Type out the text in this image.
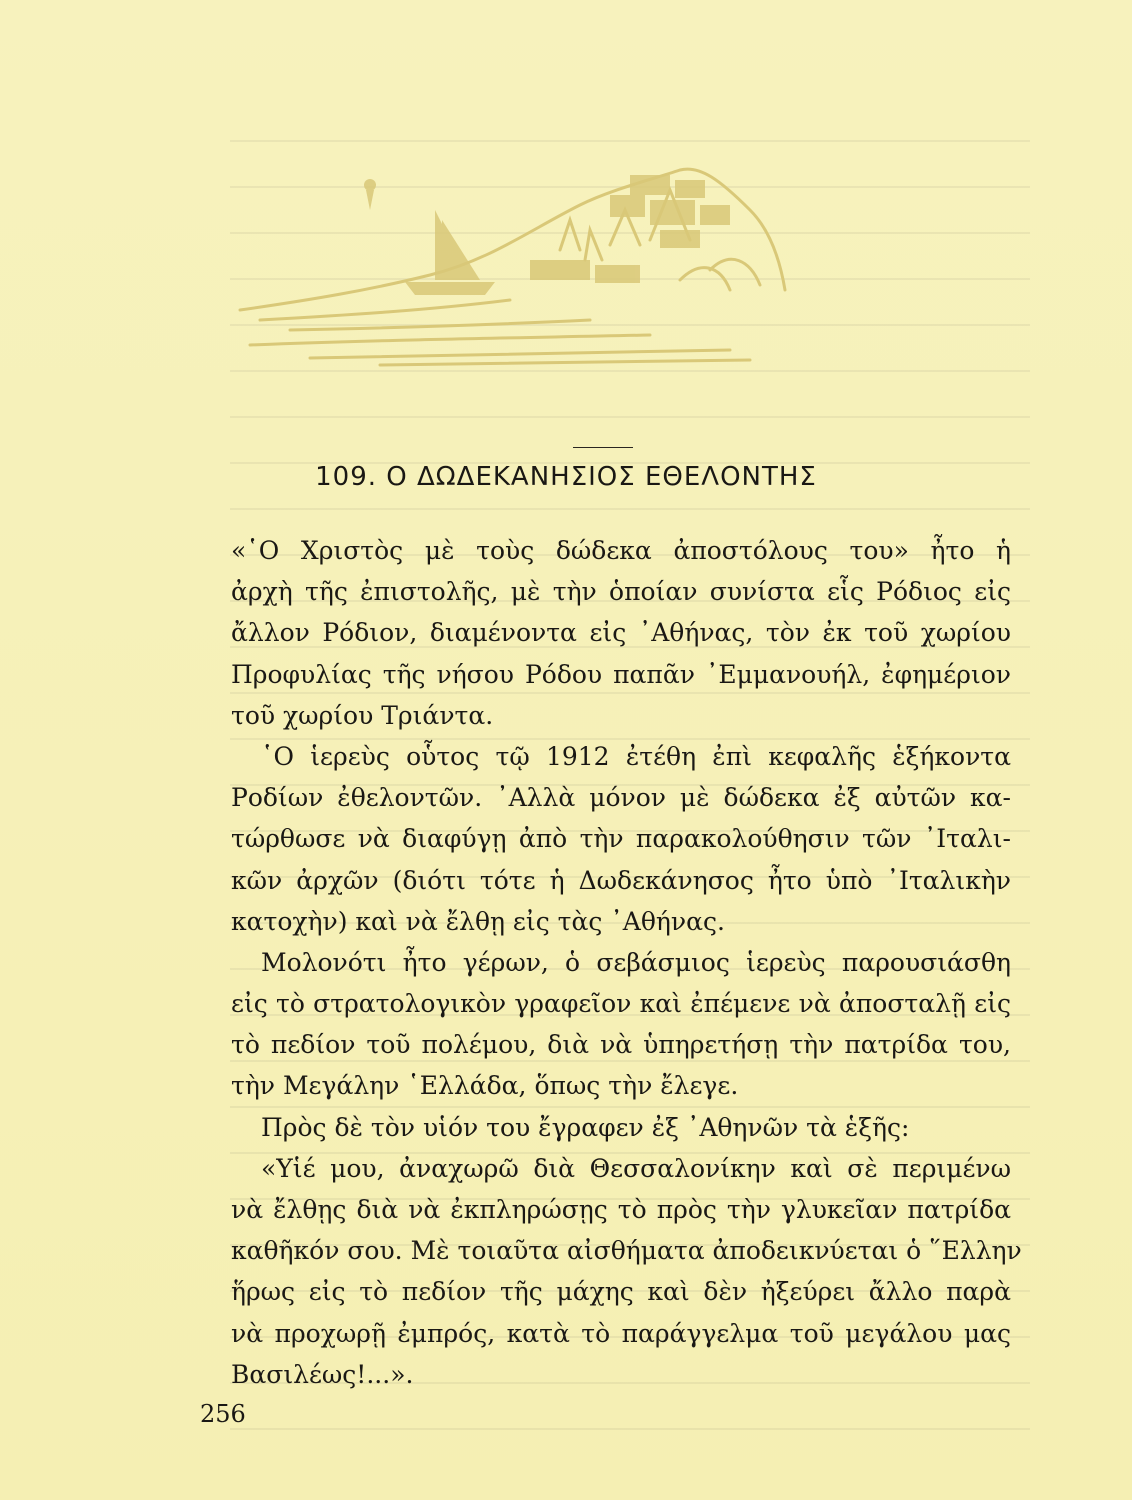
109. Ο ΔΩΔΕΚΑΝΗΣΙΟΣ ΕΘΕΛΟΝΤΗΣ
«῾Ο Χριστὸς μὲ τοὺς δώδεκα ἀποστόλους του» ἦτο ἡ
ἀρχὴ τῆς ἐπιστολῆς, μὲ τὴν ὁποίαν συνίστα εἷς Ρόδιος εἰς
ἄλλον Ρόδιον, διαμένοντα εἰς ᾿Αθήνας, τὸν ἐκ τοῦ χωρίου
Προφυλίας τῆς νήσου Ρόδου παπᾶν ᾿Εμμανουήλ, ἐφημέριον
τοῦ χωρίου Τριάντα.
῾Ο ἱερεὺς οὗτος τῷ 1912 ἐτέθη ἐπὶ κεφαλῆς ἑξήκοντα
Ροδίων ἐθελοντῶν. ᾿Αλλὰ μόνον μὲ δώδεκα ἐξ αὐτῶν κα-
τώρθωσε νὰ διαφύγῃ ἀπὸ τὴν παρακολούθησιν τῶν ᾿Ιταλι-
κῶν ἀρχῶν (διότι τότε ἡ Δωδεκάνησος ἦτο ὑπὸ ᾿Ιταλικὴν
κατοχὴν) καὶ νὰ ἔλθῃ εἰς τὰς ᾿Αθήνας.
Μολονότι ἦτο γέρων, ὁ σεβάσμιος ἱερεὺς παρουσιάσθη
εἰς τὸ στρατολογικὸν γραφεῖον καὶ ἐπέμενε νὰ ἀποσταλῇ εἰς
τὸ πεδίον τοῦ πολέμου, διὰ νὰ ὑπηρετήσῃ τὴν πατρίδα του,
τὴν Μεγάλην ῾Ελλάδα, ὅπως τὴν ἔλεγε.
Πρὸς δὲ τὸν υἱόν του ἔγραφεν ἐξ ᾿Αθηνῶν τὰ ἑξῆς:
«Υἱέ μου, ἀναχωρῶ διὰ Θεσσαλονίκην καὶ σὲ περιμένω
νὰ ἔλθῃς διὰ νὰ ἐκπληρώσῃς τὸ πρὸς τὴν γλυκεῖαν πατρίδα
καθῆκόν σου. Μὲ τοιαῦτα αἰσθήματα ἀποδεικνύεται ὁ ῞Ελλην
ἥρως εἰς τὸ πεδίον τῆς μάχης καὶ δὲν ἠξεύρει ἄλλο παρὰ
νὰ προχωρῇ ἐμπρός, κατὰ τὸ παράγγελμα τοῦ μεγάλου μας
Βασιλέως!...».
256
